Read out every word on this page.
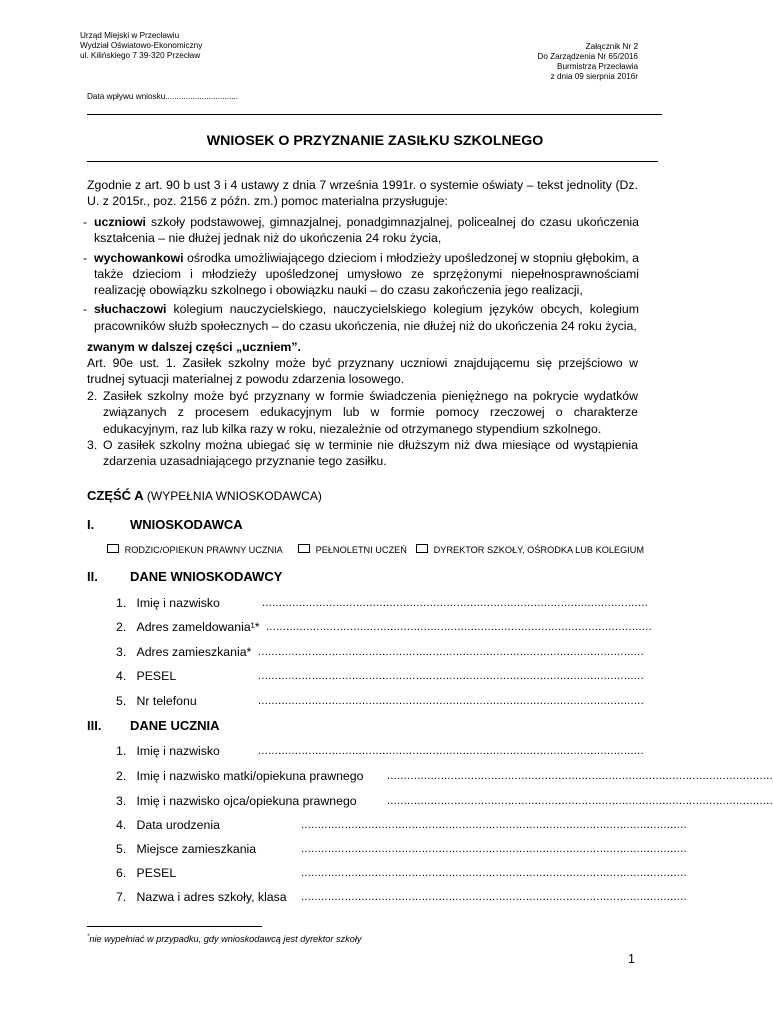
Urząd Miejski w Przecławiu
Wydział Oświatowo-Ekonomiczny
ul. Kilińskiego 7 39-320 Przecław
Załącznik Nr 2
Do Zarządzenia Nr 65/2016
Burmistrza Przecławia
z dnia 09 sierpnia 2016r
Data wpływu wniosku................................
WNIOSEK O PRZYZNANIE ZASIŁKU SZKOLNEGO
Zgodnie z art. 90 b ust 3 i 4 ustawy z dnia 7 września 1991r. o systemie oświaty – tekst jednolity (Dz. U. z 2015r., poz. 2156 z późn. zm.) pomoc materialna przysługuje:
- uczniowi szkoły podstawowej, gimnazjalnej, ponadgimnazjalnej, policealnej do czasu ukończenia kształcenia – nie dłużej jednak niż do ukończenia 24 roku życia,
- wychowankowi ośrodka umożliwiającego dzieciom i młodzieży upośledzonej w stopniu głębokim, a także dzieciom i młodzieży upośledzonej umysłowo ze sprzężonymi niepełnosprawnościami realizację obowiązku szkolnego i obowiązku nauki – do czasu zakończenia jego realizacji,
- słuchaczowi kolegium nauczycielskiego, nauczycielskiego kolegium języków obcych, kolegium pracowników służb społecznych – do czasu ukończenia, nie dłużej niż do ukończenia 24 roku życia,
zwanym w dalszej części „uczniem”.
Art. 90e ust. 1. Zasiłek szkolny może być przyznany uczniowi znajdującemu się przejściowo w trudnej sytuacji materialnej z powodu zdarzenia losowego.
2. Zasiłek szkolny może być przyznany w formie świadczenia pieniężnego na pokrycie wydatków związanych z procesem edukacyjnym lub w formie pomocy rzeczowej o charakterze edukacyjnym, raz lub kilka razy w roku, niezależnie od otrzymanego stypendium szkolnego.
3. O zasiłek szkolny można ubiegać się w terminie nie dłuższym niż dwa miesiące od wystąpienia zdarzenia uzasadniającego przyznanie tego zasiłku.
CZĘŚĆ A (WYPEŁNIA WNIOSKODAWCA)
I.	WNIOSKODAWCA
RODZIC/OPIEKUN PRAWNY UCZNIA	PEŁNOLETNI UCZEŃ	DYREKTOR SZKOŁY, OŚRODKA LUB KOLEGIUM
II. DANE WNIOSKODAWCY
1. Imię i nazwisko	...................................................................................................................
2. Adres zameldowania¹* ...................................................................................................................
3. Adres zamieszkania* ...................................................................................................................
4. PESEL	...................................................................................................................
5. Nr telefonu	...................................................................................................................
III. DANE UCZNIA
1. Imię i nazwisko	...................................................................................................................
2. Imię i nazwisko matki/opiekuna prawnego ...................................................................................................................
3. Imię i nazwisko ojca/opiekuna prawnego	...................................................................................................................
4. Data urodzenia	...................................................................................................................
5. Miejsce zamieszkania	...................................................................................................................
6. PESEL	...................................................................................................................
7. Nazwa i adres szkoły, klasa ...................................................................................................................
*nie wypełniać w przypadku, gdy wnioskodawcą jest dyrektor szkoły
1
